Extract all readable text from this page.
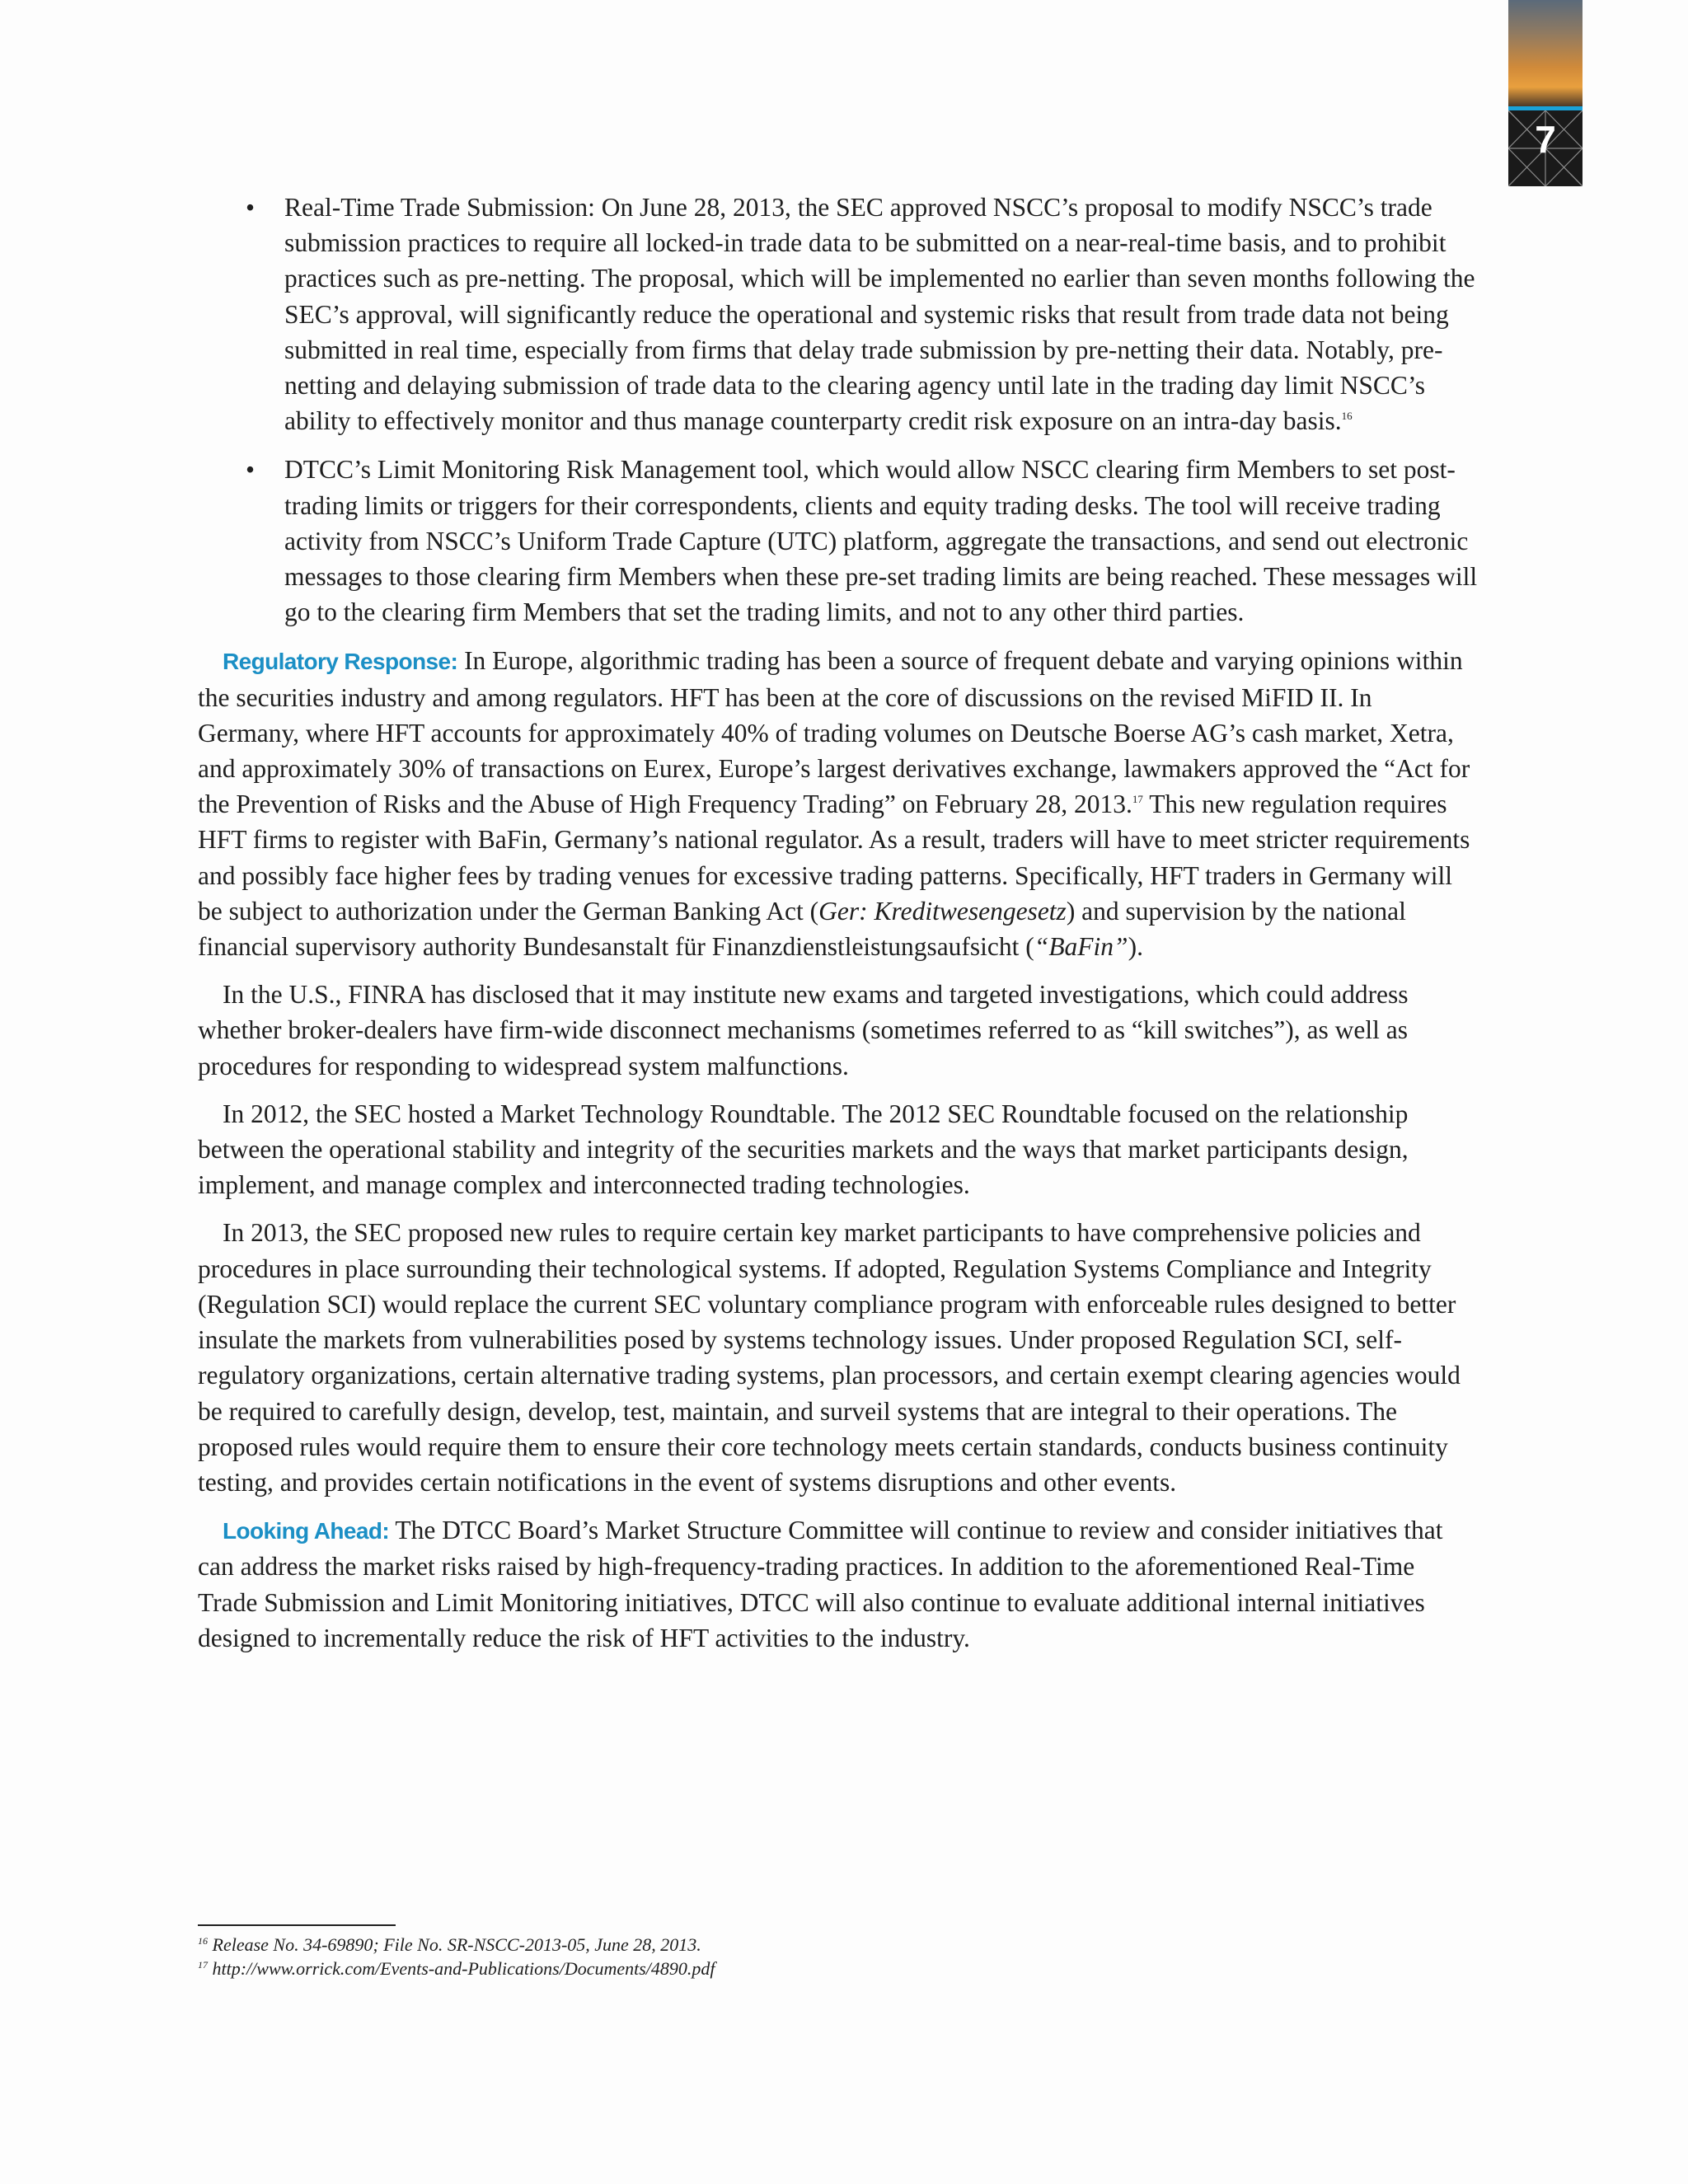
7
• Real-Time Trade Submission: On June 28, 2013, the SEC approved NSCC’s proposal to modify NSCC’s trade submission practices to require all locked-in trade data to be submitted on a near-real-time basis, and to prohibit practices such as pre-netting. The proposal, which will be implemented no earlier than seven months following the SEC’s approval, will significantly reduce the operational and systemic risks that result from trade data not being submitted in real time, especially from firms that delay trade submission by pre-netting their data. Notably, pre-netting and delaying submission of trade data to the clearing agency until late in the trading day limit NSCC’s ability to effectively monitor and thus manage counterparty credit risk exposure on an intra-day basis.$^{16}$
• DTCC’s Limit Monitoring Risk Management tool, which would allow NSCC clearing firm Members to set post-trading limits or triggers for their correspondents, clients and equity trading desks. The tool will receive trading activity from NSCC’s Uniform Trade Capture (UTC) platform, aggregate the transactions, and send out electronic messages to those clearing firm Members when these pre-set trading limits are being reached. These messages will go to the clearing firm Members that set the trading limits, and not to any other third parties.

Regulatory Response: In Europe, algorithmic trading has been a source of frequent debate and varying opinions within the securities industry and among regulators. HFT has been at the core of discussions on the revised MiFID II. In Germany, where HFT accounts for approximately 40% of trading volumes on Deutsche Boerse AG’s cash market, Xetra, and approximately 30% of transactions on Eurex, Europe’s largest derivatives exchange, lawmakers approved the “Act for the Prevention of Risks and the Abuse of High Frequency Trading” on February 28, 2013.17 This new regulation requires HFT firms to register with BaFin, Germany’s national regulator. As a result, traders will have to meet stricter requirements and possibly face higher fees by trading venues for excessive trading patterns. Specifically, HFT traders in Germany will be subject to authorization under the German Banking Act (Ger: Kreditwesengesetz) and supervision by the national financial supervisory authority Bundesanstalt für Finanzdienstleistungsaufsicht (“BaFin”).

In the U.S., FINRA has disclosed that it may institute new exams and targeted investigations, which could address whether broker-dealers have firm-wide disconnect mechanisms (sometimes referred to as “kill switches”), as well as procedures for responding to widespread system malfunctions.

In 2012, the SEC hosted a Market Technology Roundtable. The 2012 SEC Roundtable focused on the relationship between the operational stability and integrity of the securities markets and the ways that market participants design, implement, and manage complex and interconnected trading technologies.

In 2013, the SEC proposed new rules to require certain key market participants to have comprehensive policies and procedures in place surrounding their technological systems. If adopted, Regulation Systems Compliance and Integrity (Regulation SCI) would replace the current SEC voluntary compliance program with enforceable rules designed to better insulate the markets from vulnerabilities posed by systems technology issues. Under proposed Regulation SCI, self-regulatory organizations, certain alternative trading systems, plan processors, and certain exempt clearing agencies would be required to carefully design, develop, test, maintain, and surveil systems that are integral to their operations. The proposed rules would require them to ensure their core technology meets certain standards, conducts business continuity testing, and provides certain notifications in the event of systems disruptions and other events.

Looking Ahead: The DTCC Board’s Market Structure Committee will continue to review and consider initiatives that can address the market risks raised by high-frequency-trading practices. In addition to the aforementioned Real-Time Trade Submission and Limit Monitoring initiatives, DTCC will also continue to evaluate additional internal initiatives designed to incrementally reduce the risk of HFT activities to the industry.

$^{16}$ Release No. 34-69890; File No. SR-NSCC-2013-05, June 28, 2013.
$^{17}$ http://www.orrick.com/Events-and-Publications/Documents/4890.pdf
